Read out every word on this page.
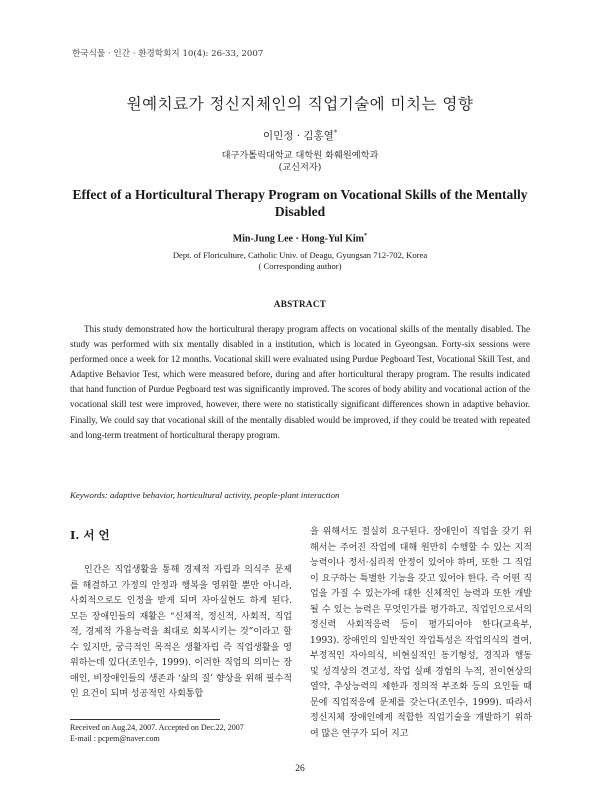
한국식물 · 인간 · 환경학회지 10(4): 26-33, 2007
원예치료가 정신지체인의 직업기술에 미치는 영향
이민정 · 김홍열*
대구가톨릭대학교 대학원 화훼원예학과
(교신저자)
Effect of a Horticultural Therapy Program on Vocational Skills of the Mentally Disabled
Min-Jung Lee · Hong-Yul Kim*
Dept. of Floriculture, Catholic Univ. of Deagu, Gyungsan 712-702, Korea
( Corresponding author)
ABSTRACT

This study demonstrated how the horticultural therapy program affects on vocational skills of the mentally disabled. The study was performed with six mentally disabled in a institution, which is located in Gyeongsan. Forty-six sessions were performed once a week for 12 months. Vocational skill were evaluated using Purdue Pegboard Test, Vocational Skill Test, and Adaptive Behavior Test, which were measured before, during and after horticultural therapy program. The results indicated that hand function of Purdue Pegboard test was significantly improved. The scores of body ability and vocational action of the vocational skill test were improved, however, there were no statistically significant differences shown in adaptive behavior. Finally, We could say that vocational skill of the mentally disabled would be improved, if they could be treated with repeated and long-term treatment of horticultural therapy program.

Keywords: adaptive behavior, horticultural activity, people-plant interaction
I. 서 언

인간은 직업생활을 통해 경제적 자립과 의식주 문제를 해결하고 가정의 안정과 행복을 영위할 뿐만 아니라, 사회적으로도 인정을 받게 되며 자아실현도 하게 된다. 모든 장애인들의 재활은 “신체적, 정신적, 사회적, 직업적, 경제적 가용능력을 최대로 회복시키는 것”이라고 할 수 있지만, 궁극적인 목적은 생활자립 즉 직업생활을 영위하는데 있다(조인수, 1999). 이러한 직업의 의미는 장애인, 비장애인들의 생존과 ‘삶의 질’ 향상을 위해 필수적인 요건이 되며 성공적인 사회통합

을 위해서도 절실히 요구된다. 장애인이 직업을 갖기 위해서는 주어진 작업에 대해 원만히 수행할 수 있는 지적능력이나 정서·심리적 안정이 있어야 하며, 또한 그 직업이 요구하는 특별한 기능을 갖고 있어야 한다. 즉 어떤 직업을 가질 수 있는가에 대한 신체적인 능력과 또한 개발될 수 있는 능력은 무엇인가를 평가하고, 직업인으로서의 정신력 사회적응력 등이 평가되어야 한다(교육부, 1993). 장애인의 일반적인 작업특성은 작업의식의 결여, 부정적인 자아의식, 비현실적인 동기형성, 경직과 행동 및 성격상의 견고성, 작업 실패 경험의 누적, 전이현상의 열약, 추상능력의 제한과 정의적 부조화 등의 요인들 때문에 직업적응에 문제를 갖는다(조인수, 1999). 따라서 정신지체 장애인에게 적합한 직업기술을 개발하기 위하여 많은 연구가 되어 지고

Received on Aug.24, 2007. Accepted on Dec.22, 2007
E-mail : pcpem@naver.com
26
